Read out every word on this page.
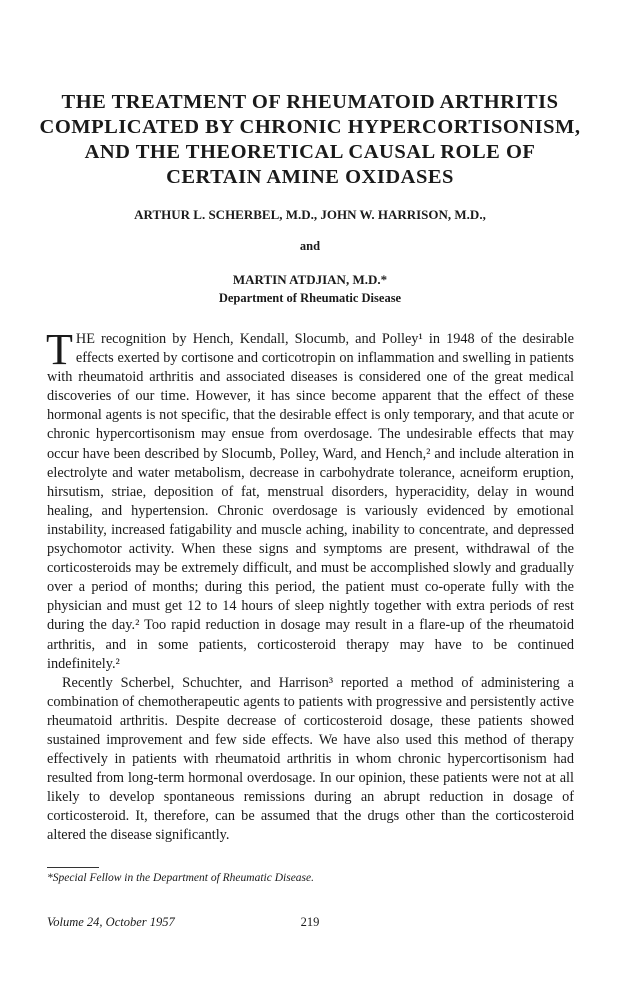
THE TREATMENT OF RHEUMATOID ARTHRITIS
COMPLICATED BY CHRONIC HYPERCORTISONISM,
AND THE THEORETICAL CAUSAL ROLE OF
CERTAIN AMINE OXIDASES
ARTHUR L. SCHERBEL, M.D., JOHN W. HARRISON, M.D.,
and
MARTIN ATDJIAN, M.D.*
Department of Rheumatic Disease

THE recognition by Hench, Kendall, Slocumb, and Polley¹ in 1948 of the desirable effects exerted by cortisone and corticotropin on inflammation and swelling in patients with rheumatoid arthritis and associated diseases is considered one of the great medical discoveries of our time. However, it has since become apparent that the effect of these hormonal agents is not specific, that the desirable effect is only temporary, and that acute or chronic hypercortisonism may ensue from overdosage. The undesirable effects that may occur have been described by Slocumb, Polley, Ward, and Hench,² and include alteration in electrolyte and water metabolism, decrease in carbohydrate tolerance, acneiform eruption, hirsutism, striae, deposition of fat, menstrual disorders, hyperacidity, delay in wound healing, and hypertension. Chronic overdosage is variously evidenced by emotional instability, increased fatigability and muscle aching, inability to concentrate, and depressed psychomotor activity. When these signs and symptoms are present, withdrawal of the corticosteroids may be extremely difficult, and must be accomplished slowly and gradually over a period of months; during this period, the patient must co-operate fully with the physician and must get 12 to 14 hours of sleep nightly together with extra periods of rest during the day.² Too rapid reduction in dosage may result in a flare-up of the rheumatoid arthritis, and in some patients, corticosteroid therapy may have to be continued indefinitely.²

Recently Scherbel, Schuchter, and Harrison³ reported a method of administering a combination of chemotherapeutic agents to patients with progressive and persistently active rheumatoid arthritis. Despite decrease of corticosteroid dosage, these patients showed sustained improvement and few side effects. We have also used this method of therapy effectively in patients with rheumatoid arthritis in whom chronic hypercortisonism had resulted from long-term hormonal overdosage. In our opinion, these patients were not at all likely to develop spontaneous remissions during an abrupt reduction in dosage of corticosteroid. It, therefore, can be assumed that the drugs other than the corticosteroid altered the disease significantly.

*Special Fellow in the Department of Rheumatic Disease.
Volume 24, October 1957	219
